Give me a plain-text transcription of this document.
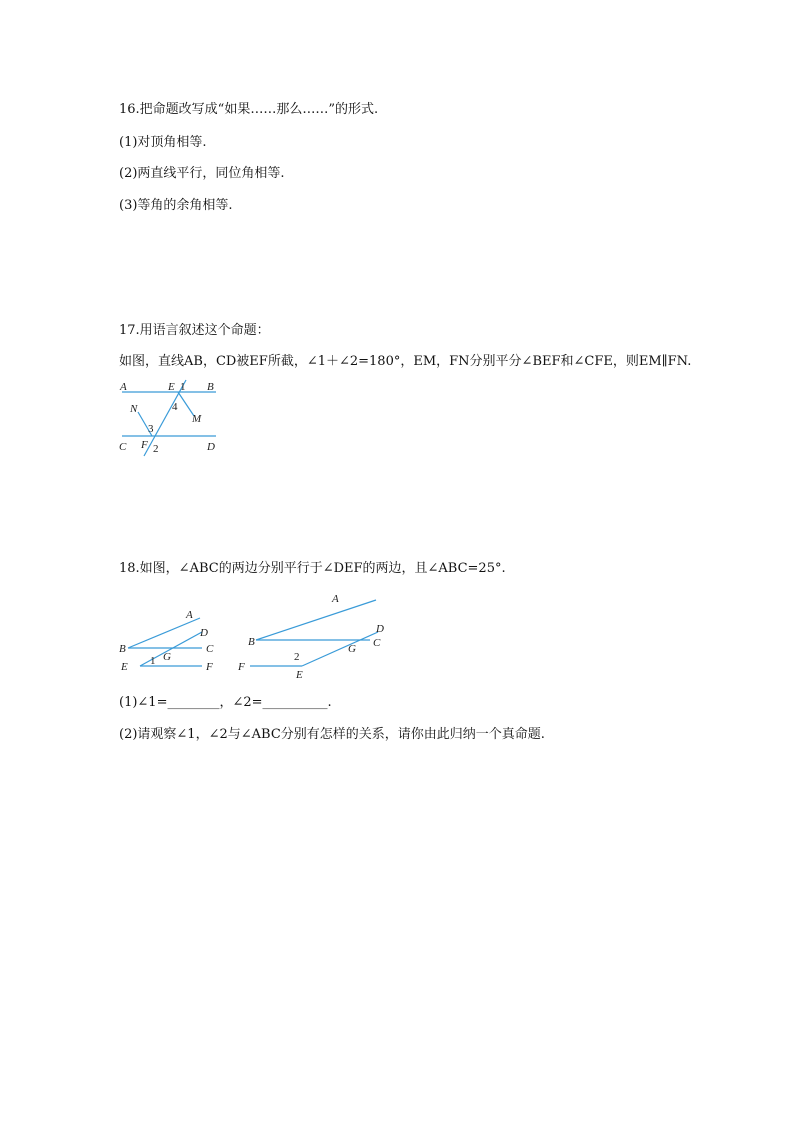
16.把命题改写成“如果……那么……”的形式.
(1)对顶角相等.
(2)两直线平行，同位角相等.
(3)等角的余角相等.
17.用语言叙述这个命题：
如图，直线AB，CD被EF所截，∠1＋∠2=180°，EM，FN分别平分∠BEF和∠CFE，则EM∥FN.
A	E 1 B
4
N
M
3
C F 2	D
18.如图，∠ABC的两边分别平行于∠DEF的两边，且∠ABC=25°.
A
D
B
G
C
E 1	F
A
D
B	C
G
2
F
E
(1)∠1=________，∠2=__________.
(2)请观察∠1，∠2与∠ABC分别有怎样的关系，请你由此归纳一个真命题.
